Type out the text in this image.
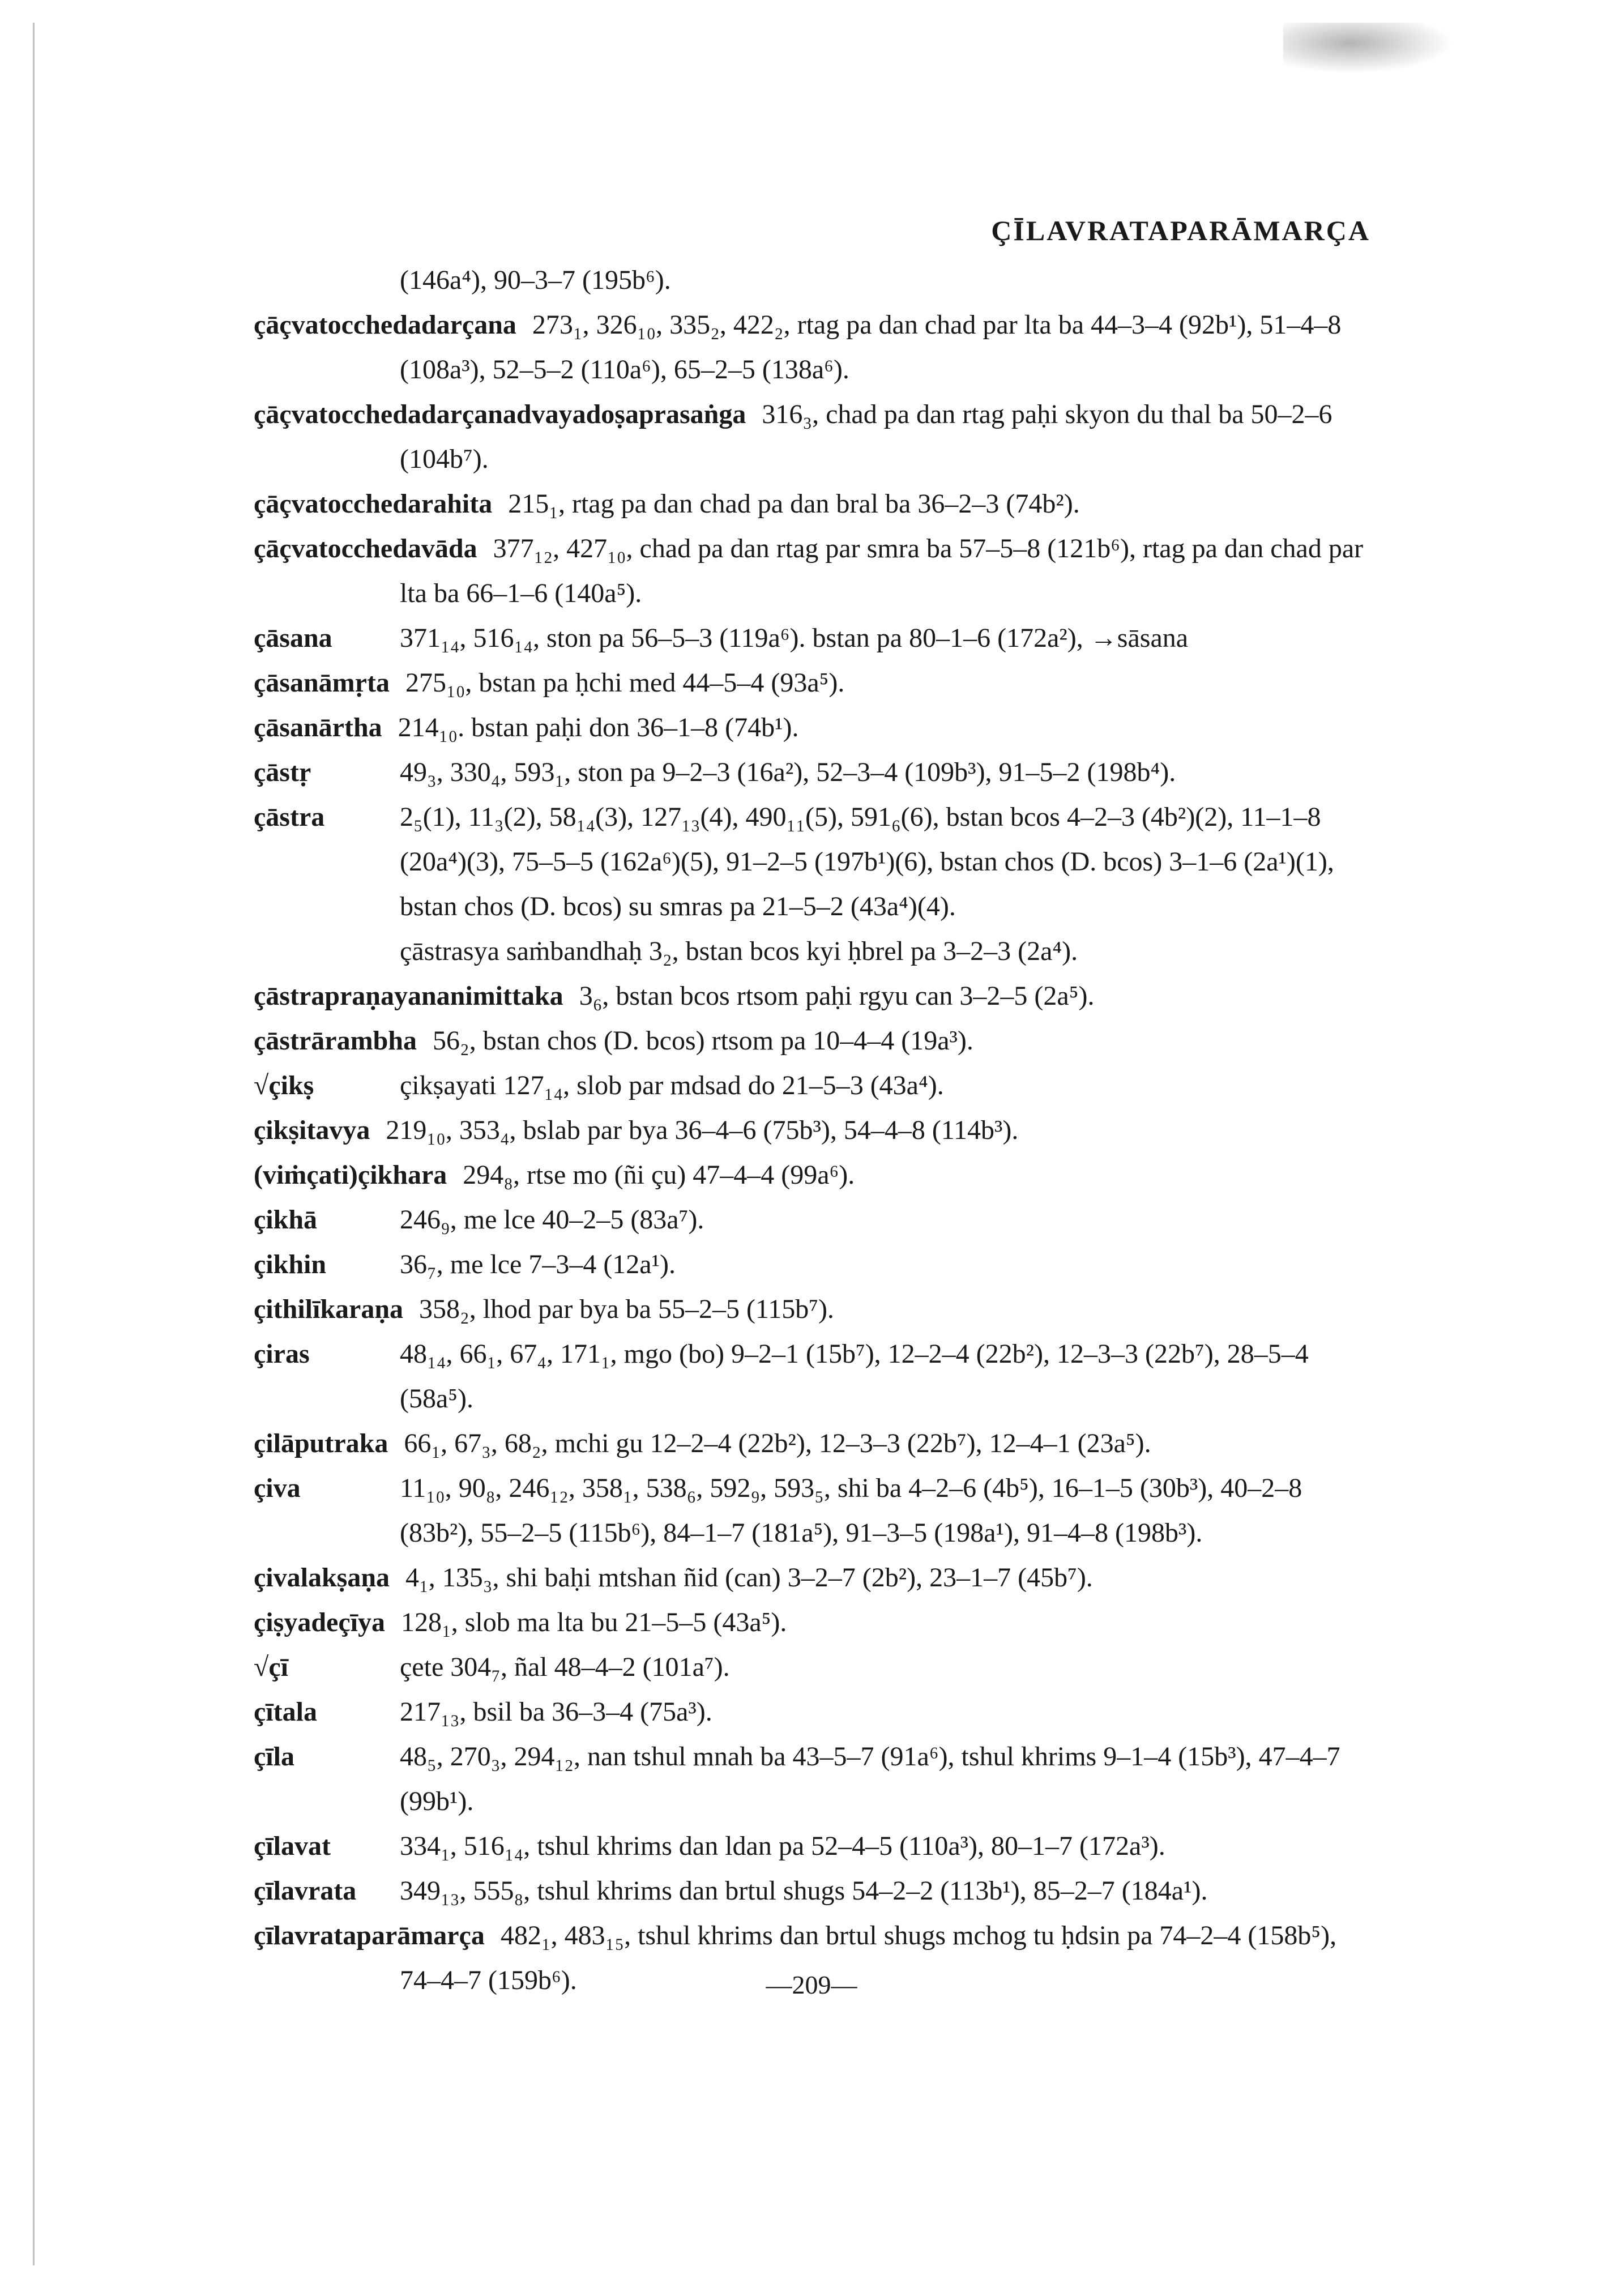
ÇĪLAVRATAPARĀMARÇA
(146a⁴), 90–3–7 (195b⁶).
çāçvatocchedadarçana 273₁, 326₁₀, 335₂, 422₂, rtag pa dan chad par lta ba 44–3–4 (92b¹), 51–4–8 (108a³), 52–5–2 (110a⁶), 65–2–5 (138a⁶).
çāçvatocchedadarçanadvayadoṣaprasaṅga 316₃, chad pa dan rtag paḥi skyon du thal ba 50–2–6 (104b⁷).
çāçvatocchedarahita 215₁, rtag pa dan chad pa dan bral ba 36–2–3 (74b²).
çāçvatocchedavāda 377₁₂, 427₁₀, chad pa dan rtag par smra ba 57–5–8 (121b⁶), rtag pa dan chad par lta ba 66–1–6 (140a⁵).
çāsana 371₁₄, 516₁₄, ston pa 56–5–3 (119a⁶). bstan pa 80–1–6 (172a²), →sāsana
çāsanāmṛta 275₁₀, bstan pa ḥchi med 44–5–4 (93a⁵).
çāsanārtha 214₁₀. bstan paḥi don 36–1–8 (74b¹).
çāstṛ	49₃, 330₄, 593₁, ston pa 9–2–3 (16a²), 52–3–4 (109b³), 91–5–2 (198b⁴).
çāstra	2₅(1), 11₃(2), 58₁₄(3), 127₁₃(4), 490₁₁(5), 591₆(6), bstan bcos 4–2–3 (4b²)(2), 11–1–8 (20a⁴)(3), 75–5–5 (162a⁶)(5), 91–2–5 (197b¹)(6), bstan chos (D. bcos) 3–1–6 (2a¹)(1), bstan chos (D. bcos) su smras pa 21–5–2 (43a⁴)(4).
çāstrasya saṁbandhaḥ 3₂, bstan bcos kyi ḥbrel pa 3–2–3 (2a⁴).
çāstrapraṇayananimittaka 3₆, bstan bcos rtsom paḥi rgyu can 3–2–5 (2a⁵).
çāstrārambha 56₂, bstan chos (D. bcos) rtsom pa 10–4–4 (19a³).
√çikṣ	çikṣayati 127₁₄, slob par mdsad do 21–5–3 (43a⁴).
çikṣitavya 219₁₀, 353₄, bslab par bya 36–4–6 (75b³), 54–4–8 (114b³).
(viṁçati)çikhara 294₈, rtse mo (ñi çu) 47–4–4 (99a⁶).
çikhā	246₉, me lce 40–2–5 (83a⁷).
çikhin	36₇, me lce 7–3–4 (12a¹).
çithilīkaraṇa 358₂, lhod par bya ba 55–2–5 (115b⁷).
çiras	48₁₄, 66₁, 67₄, 171₁, mgo (bo) 9–2–1 (15b⁷), 12–2–4 (22b²), 12–3–3 (22b⁷), 28–5–4 (58a⁵).
çilāputraka 66₁, 67₃, 68₂, mchi gu 12–2–4 (22b²), 12–3–3 (22b⁷), 12–4–1 (23a⁵).
çiva	11₁₀, 90₈, 246₁₂, 358₁, 538₆, 592₉, 593₅, shi ba 4–2–6 (4b⁵), 16–1–5 (30b³), 40–2–8 (83b²), 55–2–5 (115b⁶), 84–1–7 (181a⁵), 91–3–5 (198a¹), 91–4–8 (198b³).
çivalakṣaṇa 4₁, 135₃, shi baḥi mtshan ñid (can) 3–2–7 (2b²), 23–1–7 (45b⁷).
çiṣyadeçīya 128₁, slob ma lta bu 21–5–5 (43a⁵).
√çī	çete 304₇, ñal 48–4–2 (101a⁷).
çītala	217₁₃, bsil ba 36–3–4 (75a³).
çīla	48₅, 270₃, 294₁₂, nan tshul mnah ba 43–5–7 (91a⁶), tshul khrims 9–1–4 (15b³), 47–4–7 (99b¹).
çīlavat	334₁, 516₁₄, tshul khrims dan ldan pa 52–4–5 (110a³), 80–1–7 (172a³).
çīlavrata 349₁₃, 555₈, tshul khrims dan brtul shugs 54–2–2 (113b¹), 85–2–7 (184a¹).
çīlavrataparāmarça 482₁, 483₁₅, tshul khrims dan brtul shugs mchog tu ḥdsin pa 74–2–4 (158b⁵), 74–4–7 (159b⁶).	—209—
